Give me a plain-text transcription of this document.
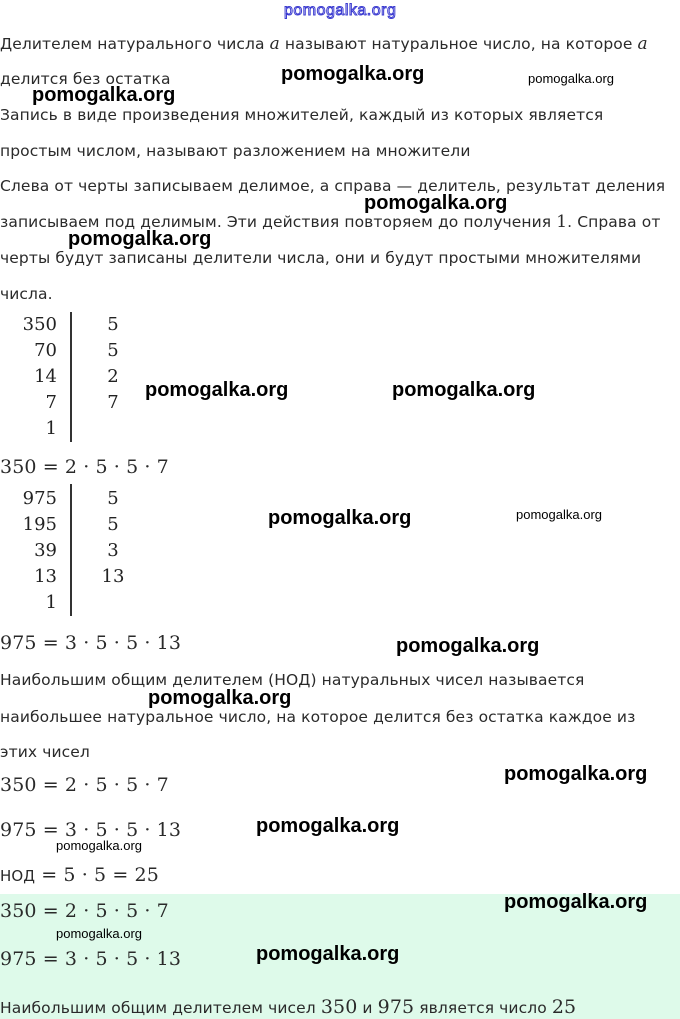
pomogalka.org
Делителем натурального числа a называют натуральное число, на которое a
делится без остатка
Запись в виде произведения множителей, каждый из которых является
простым числом, называют разложением на множители
Слева от черты записываем делимое, а справа — делитель, результат деления
записываем под делимым. Эти действия повторяем до получения 1. Справа от
черты будут записаны делители числа, они и будут простыми множителями
числа.
350	5
70	5
14	2
7	7
1
350 = 2 · 5 · 5 · 7
975	5
195	5
39	3
13 13
1
975 = 3 · 5 · 5 · 13
Наибольшим общим делителем (НОД) натуральных чисел называется
наибольшее натуральное число, на которое делится без остатка каждое из
этих чисел
350 = 2 · 5 · 5 · 7
975 = 3 · 5 · 5 · 13
НОД = 5 · 5 = 25
350 = 2 · 5 · 5 · 7
975 = 3 · 5 · 5 · 13
Наибольшим общим делителем чисел 350 и 975 является число 25
pomogalka.org	pomogalka.org
pomogalka.org
pomogalka.org
pomogalka.org
pomogalka.org	pomogalka.org
pomogalka.org	pomogalka.org
pomogalka.org
pomogalka.org
pomogalka.org
pomogalka.org
pomogalka.org
pomogalka.org
pomogalka.org
pomogalka.org
